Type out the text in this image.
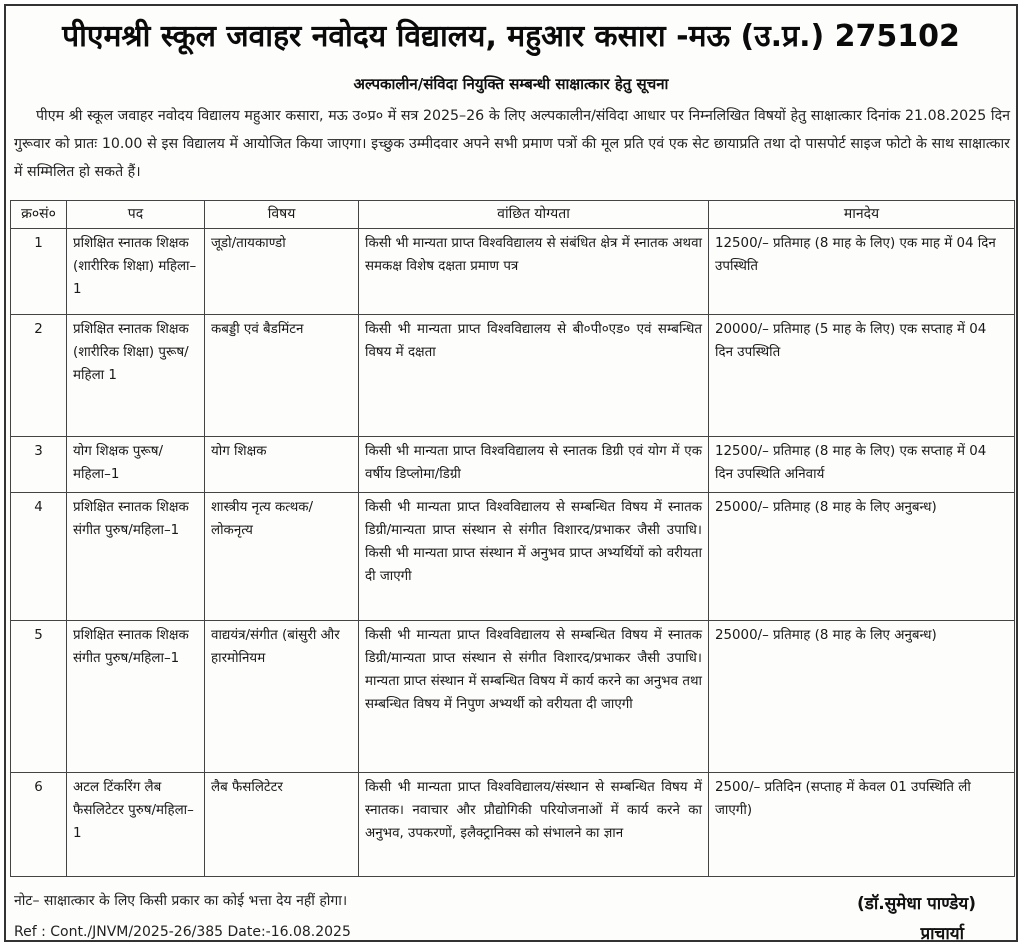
पीएमश्री स्कूल जवाहर नवोदय विद्यालय, महुआर कसारा -मऊ (उ.प्र.) 275102
अल्पकालीन/संविदा नियुक्ति सम्बन्धी साक्षात्कार हेतु सूचना
पीएम श्री स्कूल जवाहर नवोदय विद्यालय महुआर कसारा, मऊ उ०प्र० में सत्र 2025–26 के लिए अल्पकालीन/संविदा आधार पर निम्नलिखित विषयों हेतु साक्षात्कार दिनांक 21.08.2025 दिन गुरूवार को प्रातः 10.00 से इस विद्यालय में आयोजित किया जाएगा। इच्छुक उम्मीदवार अपने सभी प्रमाण पत्रों की मूल प्रति एवं एक सेट छायाप्रति तथा दो पासपोर्ट साइज फोटो के साथ साक्षात्कार में सम्मिलित हो सकते हैं।
क्र०सं०	पद	विषय	वांछित योग्यता	मानदेय
1	प्रशिक्षित स्नातक शिक्षक (शारीरिक शिक्षा) महिला–1	जूडो/तायकाण्डो	किसी भी मान्यता प्राप्त विश्वविद्यालय से संबंधित क्षेत्र में स्नातक अथवा समकक्ष विशेष दक्षता प्रमाण पत्र	12500/– प्रतिमाह (8 माह के लिए) एक माह में 04 दिन उपस्थिति
2	प्रशिक्षित स्नातक शिक्षक (शारीरिक शिक्षा) पुरूष/महिला 1	कबड्डी एवं बैडमिंटन	किसी भी मान्यता प्राप्त विश्वविद्यालय से बी०पी०एड० एवं सम्बन्धित विषय में दक्षता	20000/– प्रतिमाह (5 माह के लिए) एक सप्ताह में 04 दिन उपस्थिति
3	योग शिक्षक पुरूष/महिला–1	योग शिक्षक	किसी भी मान्यता प्राप्त विश्वविद्यालय से स्नातक डिग्री एवं योग में एक वर्षीय डिप्लोमा/डिग्री	12500/– प्रतिमाह (8 माह के लिए) एक सप्ताह में 04 दिन उपस्थिति अनिवार्य
4	प्रशिक्षित स्नातक शिक्षक संगीत पुरुष/महिला–1	शास्त्रीय नृत्य कत्थक/लोकनृत्य	किसी भी मान्यता प्राप्त विश्वविद्यालय से सम्बन्धित विषय में स्नातक डिग्री/मान्यता प्राप्त संस्थान से संगीत विशारद/प्रभाकर जैसी उपाधि। किसी भी मान्यता प्राप्त संस्थान में अनुभव प्राप्त अभ्यर्थियों को वरीयता दी जाएगी	25000/– प्रतिमाह (8 माह के लिए अनुबन्ध)
5	प्रशिक्षित स्नातक शिक्षक संगीत पुरुष/महिला–1	वाद्ययंत्र/संगीत (बांसुरी और हारमोनियम	किसी भी मान्यता प्राप्त विश्वविद्यालय से सम्बन्धित विषय में स्नातक डिग्री/मान्यता प्राप्त संस्थान से संगीत विशारद/प्रभाकर जैसी उपाधि। मान्यता प्राप्त संस्थान में सम्बन्धित विषय में कार्य करने का अनुभव तथा सम्बन्धित विषय में निपुण अभ्यर्थी को वरीयता दी जाएगी	25000/– प्रतिमाह (8 माह के लिए अनुबन्ध)
6	अटल टिंकरिंग लैब फैसलिटेटर पुरुष/महिला–1	लैब फैसलिटेटर	किसी भी मान्यता प्राप्त विश्वविद्यालय/संस्थान से सम्बन्धित विषय में स्नातक। नवाचार और प्रौद्योगिकी परियोजनाओं में कार्य करने का अनुभव, उपकरणों, इलैक्ट्रानिक्स को संभालने का ज्ञान	2500/– प्रतिदिन (सप्ताह में केवल 01 उपस्थिति ली जाएगी)
नोट– साक्षात्कार के लिए किसी प्रकार का कोई भत्ता देय नहीं होगा।
Ref : Cont./JNVM/2025-26/385 Date:-16.08.2025
(डॉ.सुमेधा पाण्डेय)
प्राचार्या
